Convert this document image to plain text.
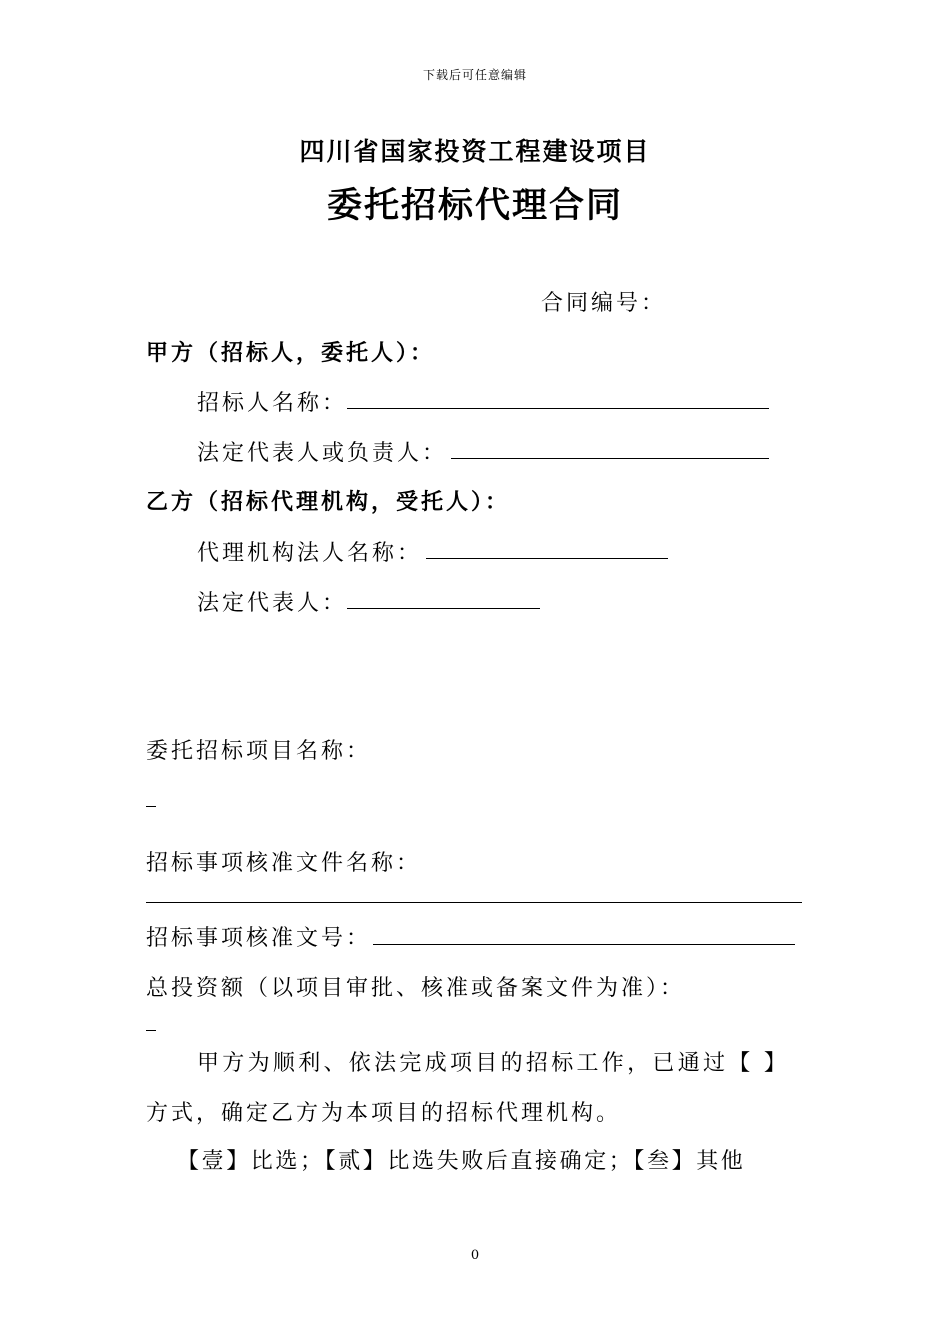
下载后可任意编辑
四川省国家投资工程建设项目
委托招标代理合同
合同编号：
甲方（招标人，委托人）：
招标人名称：
法定代表人或负责人：
乙方（招标代理机构，受托人）：
代理机构法人名称：
法定代表人：
委托招标项目名称：
招标事项核准文件名称：
招标事项核准文号：
总投资额（以项目审批、核准或备案文件为准）：
甲方为顺利、依法完成项目的招标工作，已通过【 】
方式，确定乙方为本项目的招标代理机构。
【壹】比选；【贰】比选失败后直接确定；【叁】其他
0
